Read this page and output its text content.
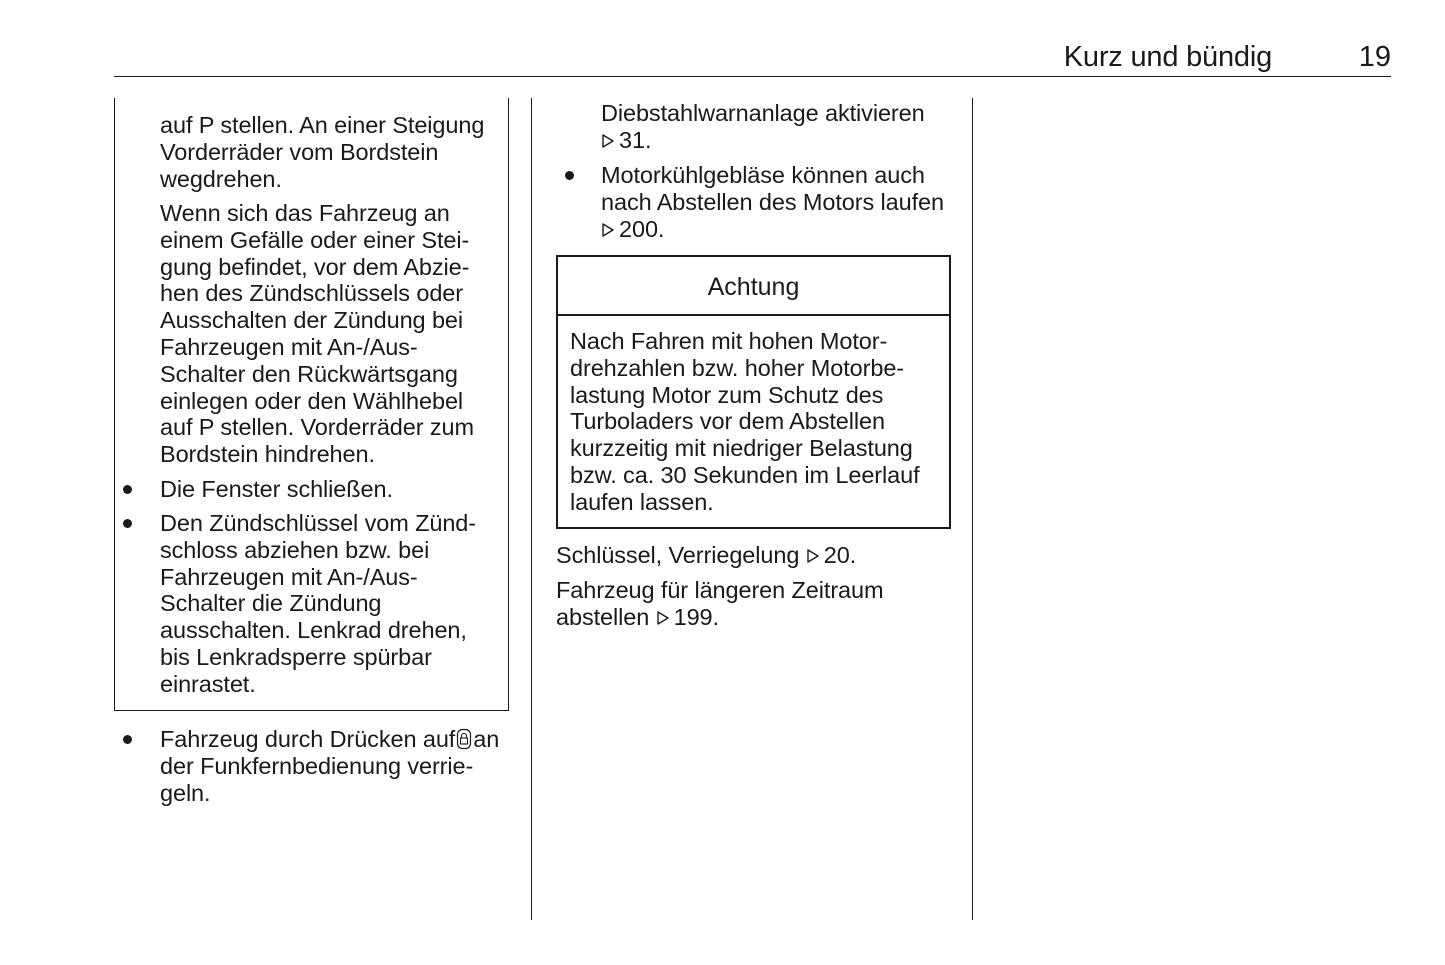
Kurz und bündig	19
auf P stellen. An einer Steigung
Vorderräder vom Bordstein
wegdrehen.
Wenn sich das Fahrzeug an
einem Gefälle oder einer Stei-
gung befindet, vor dem Abzie-
hen des Zündschlüssels oder
Ausschalten der Zündung bei
Fahrzeugen mit An-/Aus-
Schalter den Rückwärtsgang
einlegen oder den Wählhebel
auf P stellen. Vorderräder zum
Bordstein hindrehen.
Die Fenster schließen.
Den Zündschlüssel vom Zünd-
schloss abziehen bzw. bei
Fahrzeugen mit An-/Aus-
Schalter die Zündung
ausschalten. Lenkrad drehen,
bis Lenkradsperre spürbar
einrastet.
Fahrzeug durch Drücken auf an
der Funkfernbedienung verrie-
geln.
Diebstahlwarnanlage aktivieren
31.
Motorkühlgebläse können auch
nach Abstellen des Motors laufen
200.
Achtung
Nach Fahren mit hohen Motor-
drehzahlen bzw. hoher Motorbe-
lastung Motor zum Schutz des
Turboladers vor dem Abstellen
kurzzeitig mit niedriger Belastung
bzw. ca. 30 Sekunden im Leerlauf
laufen lassen.
Schlüssel, Verriegelung 20.
Fahrzeug für längeren Zeitraum
abstellen 199.
